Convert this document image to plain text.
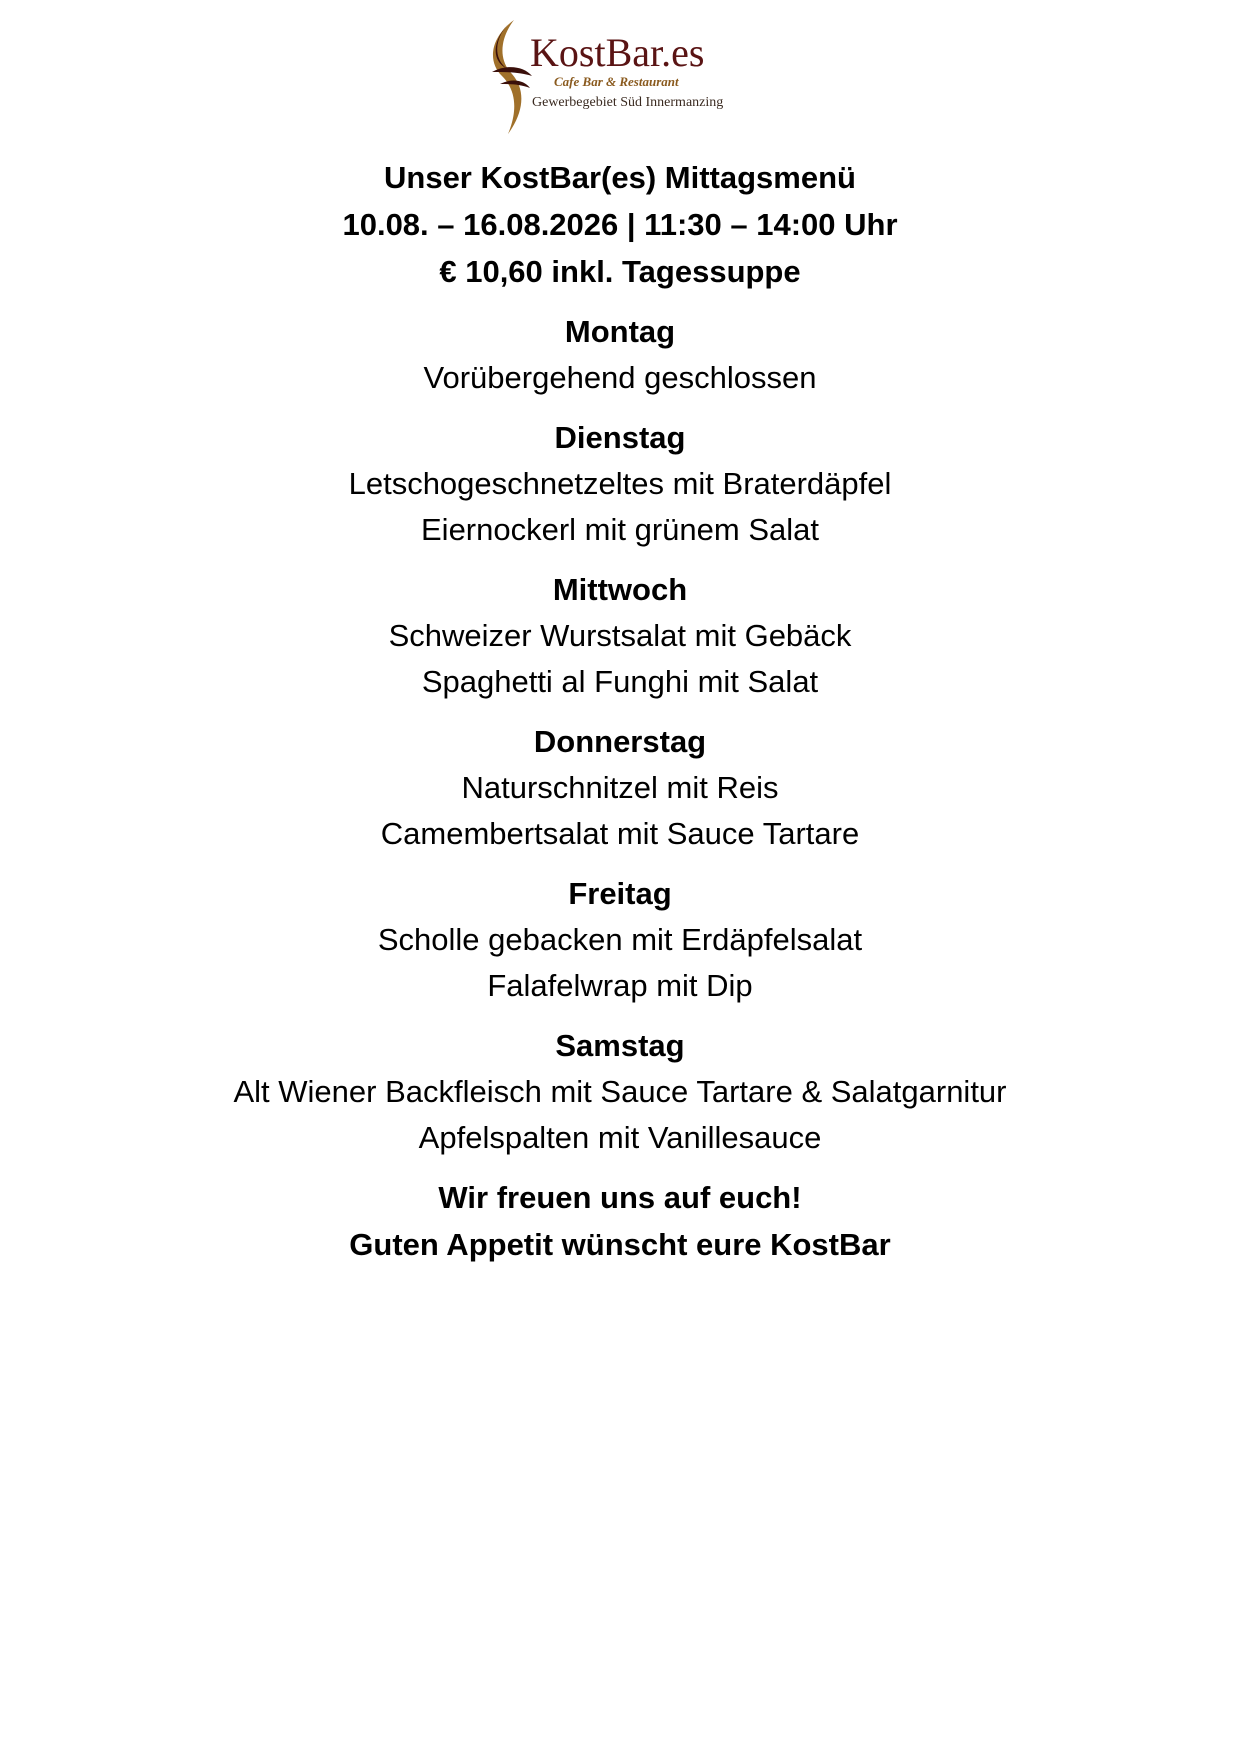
KostBar.es
Cafe Bar & Restaurant
Gewerbegebiet Süd Innermanzing
Unser KostBar(es) Mittagsmenü
10.08. – 16.08.2026 | 11:30 – 14:00 Uhr
€ 10,60 inkl. Tagessuppe
Montag
Vorübergehend geschlossen
Dienstag
Letschogeschnetzeltes mit Braterdäpfel
Eiernockerl mit grünem Salat
Mittwoch
Schweizer Wurstsalat mit Gebäck
Spaghetti al Funghi mit Salat
Donnerstag
Naturschnitzel mit Reis
Camembertsalat mit Sauce Tartare
Freitag
Scholle gebacken mit Erdäpfelsalat
Falafelwrap mit Dip
Samstag
Alt Wiener Backfleisch mit Sauce Tartare & Salatgarnitur
Apfelspalten mit Vanillesauce
Wir freuen uns auf euch!
Guten Appetit wünscht eure KostBar
